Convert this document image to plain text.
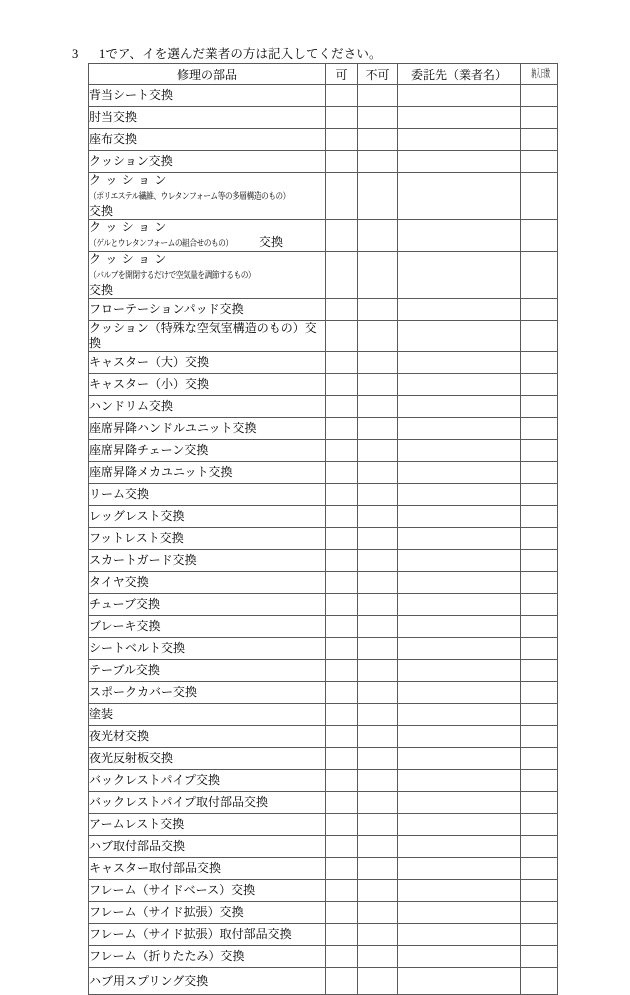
3 1でア、イを選んだ業者の方は記入してください。
修理の部品	可	不可	委託先（業者名）	納入日数

背当シート交換				
肘当交換				
座布交換				
クッション交換				
クッション（ポリエステル繊維、ウレタンフォーム等の多層構造のもの）
交換				

クッション（ゲルとウレタンフォームの組合せのもの） 交換				
クッション（バルブを開閉するだけで空気量を調節するもの）
交換				

フローテーションパッド交換				
クッション（特殊な空気室構造のもの）交換				
キャスター（大）交換				
キャスター（小）交換				
ハンドリム交換				
座席昇降ハンドルユニット交換				
座席昇降チェーン交換				
座席昇降メカユニット交換				
リーム交換				
レッグレスト交換				
フットレスト交換				
スカートガード交換				
タイヤ交換				
チューブ交換				
ブレーキ交換				
シートベルト交換				
テーブル交換				
スポークカバー交換				
塗装				
夜光材交換				
夜光反射板交換				
バックレストパイプ交換				
バックレストパイプ取付部品交換				
アームレスト交換				
ハブ取付部品交換				
キャスター取付部品交換				
フレーム（サイドベース）交換				
フレーム（サイド拡張）交換				
フレーム（サイド拡張）取付部品交換				
フレーム（折りたたみ）交換				
ハブ用スプリング交換				
